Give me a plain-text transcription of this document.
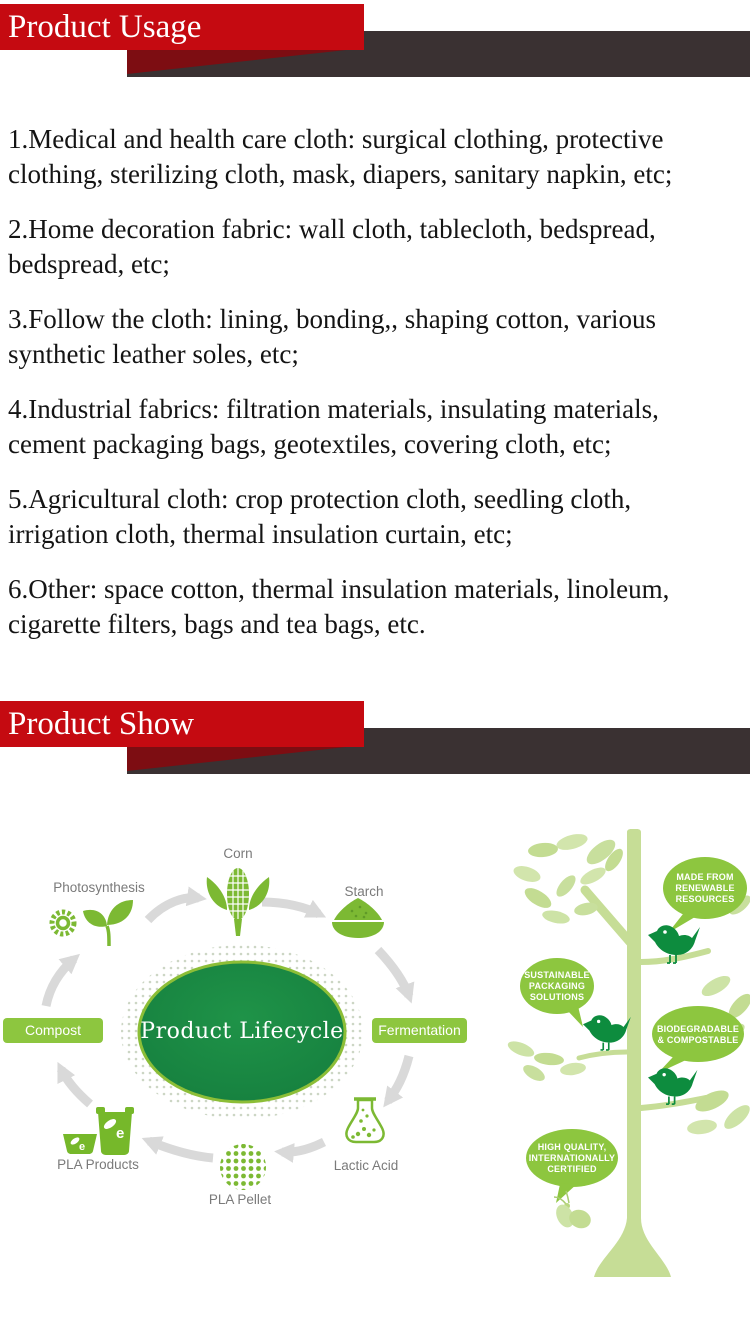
Product Usage
1.Medical and health care cloth: surgical clothing, protective
clothing, sterilizing cloth, mask, diapers, sanitary napkin, etc;
2.Home decoration fabric: wall cloth, tablecloth, bedspread,
bedspread, etc;
3.Follow the cloth: lining, bonding,, shaping cotton, various
synthetic leather soles, etc;
4.Industrial fabrics: filtration materials, insulating materials,
cement packaging bags, geotextiles, covering cloth, etc;
5.Agricultural cloth: crop protection cloth, seedling cloth,
irrigation cloth, thermal insulation curtain, etc;
6.Other: space cotton, thermal insulation materials, linoleum,
cigarette filters, bags and tea bags, etc.
Product Show
e
e
Photosynthesis
Corn
Starch
Lactic Acid
PLA Pellet
PLA Products
Compost	Fermentation
Product Lifecycle
MADE FROM
RENEWABLE
RESOURCES
SUSTAINABLE
PACKAGING
SOLUTIONS
BIODEGRADABLE
& COMPOSTABLE
HIGH QUALITY,
INTERNATIONALLY
CERTIFIED
